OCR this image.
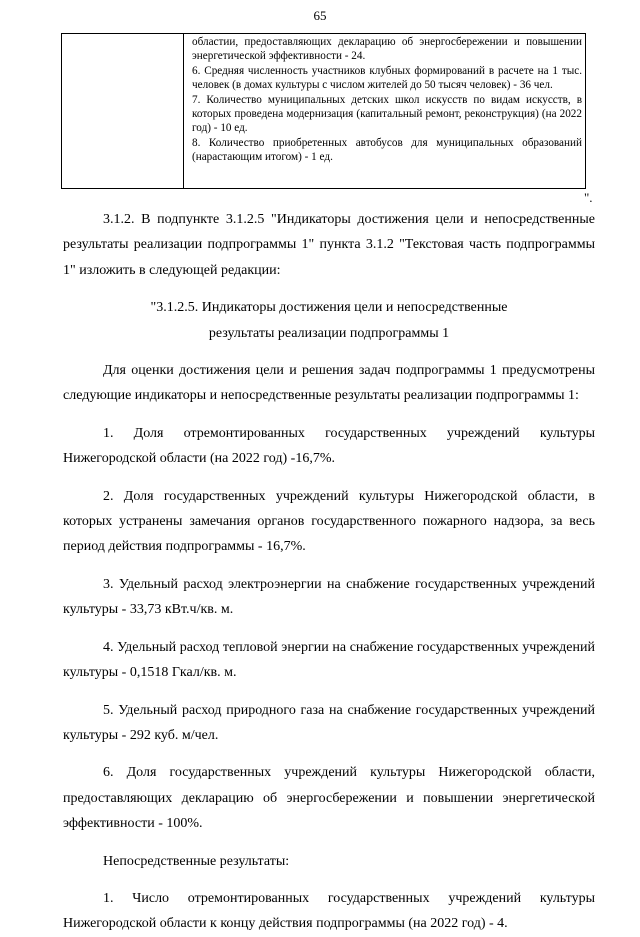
65

областии, предоставляющих декларацию об энергосбережении и повышении энергетической эффективности - 24.

6. Средняя численность участников клубных формирований в расчете на 1 тыс. человек (в домах культуры с числом жителей до 50 тысяч человек) - 36 чел.

7. Количество муниципальных детских школ искусств по видам искусств, в которых проведена модернизация (капитальный ремонт, реконструкция) (на 2022 год) - 10 ед.

8. Количество приобретенных автобусов для муниципальных образований (нарастающим итогом) - 1 ед.

".

3.1.2. В подпункте 3.1.2.5 "Индикаторы достижения цели и непосредственные результаты реализации подпрограммы 1" пункта 3.1.2 "Текстовая часть подпрограммы 1" изложить в следующей редакции:

"3.1.2.5. Индикаторы достижения цели и непосредственные

результаты реализации подпрограммы 1

Для оценки достижения цели и решения задач подпрограммы 1 предусмотрены следующие индикаторы и непосредственные результаты реализации подпрограммы 1:

1. Доля отремонтированных государственных учреждений культуры Нижегородской области (на 2022 год) -16,7%.

2. Доля государственных учреждений культуры Нижегородской области, в которых устранены замечания органов государственного пожарного надзора, за весь период действия подпрограммы - 16,7%.

3. Удельный расход электроэнергии на снабжение государственных учреждений культуры - 33,73 кВт.ч/кв. м.

4. Удельный расход тепловой энергии на снабжение государственных учреждений культуры - 0,1518 Гкал/кв. м.

5. Удельный расход природного газа на снабжение государственных учреждений культуры - 292 куб. м/чел.

6. Доля государственных учреждений культуры Нижегородской области, предоставляющих декларацию об энергосбережении и повышении энергетической эффективности - 100%.

Непосредственные результаты:

1. Число отремонтированных государственных учреждений культуры Нижегородской области к концу действия подпрограммы (на 2022 год) - 4.
